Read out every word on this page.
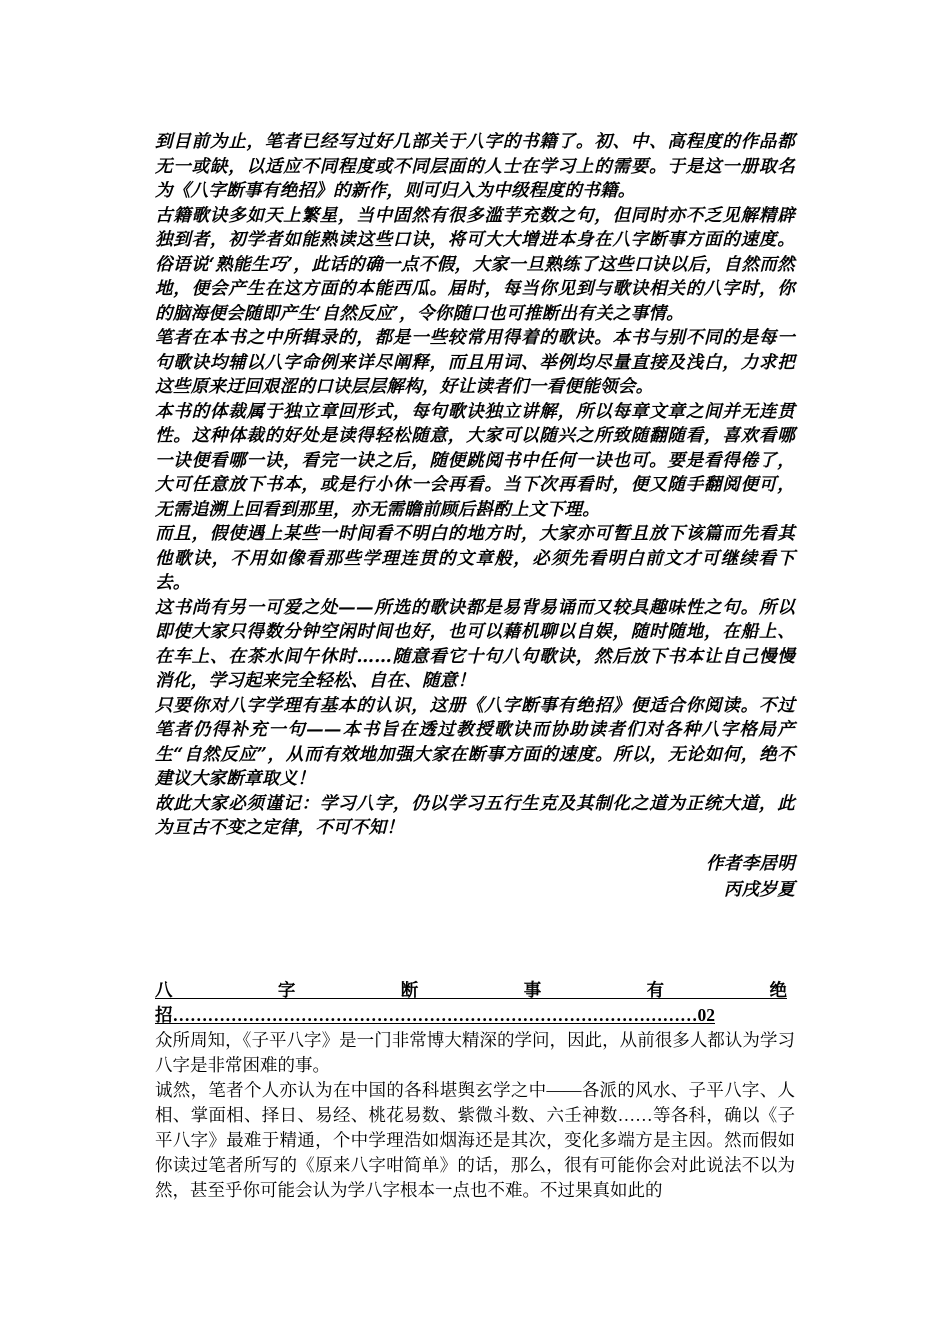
到目前为止，笔者已经写过好几部关于八字的书籍了。初、中、高程度的作品都无一或缺，以适应不同程度或不同层面的人士在学习上的需要。于是这一册取名为《八字断事有绝招》的新作，则可归入为中级程度的书籍。

古籍歌诀多如天上繁星，当中固然有很多滥芋充数之句，但同时亦不乏见解精辟独到者，初学者如能熟读这些口诀，将可大大增进本身在八字断事方面的速度。俗语说‘熟能生巧’，此话的确一点不假，大家一旦熟练了这些口诀以后，自然而然地，便会产生在这方面的本能西瓜。届时，每当你见到与歌诀相关的八字时，你的脑海便会随即产生‘自然反应’，令你随口也可推断出有关之事情。

笔者在本书之中所辑录的，都是一些较常用得着的歌诀。本书与别不同的是每一句歌诀均辅以八字命例来详尽阐释，而且用词、举例均尽量直接及浅白，力求把这些原来迂回艰涩的口诀层层解构，好让读者们一看便能领会。

本书的体裁属于独立章回形式，每句歌诀独立讲解，所以每章文章之间并无连贯性。这种体裁的好处是读得轻松随意，大家可以随兴之所致随翻随看，喜欢看哪一诀便看哪一诀，看完一诀之后，随便跳阅书中任何一诀也可。要是看得倦了，大可任意放下书本，或是行小休一会再看。当下次再看时，便又随手翻阅便可，无需追溯上回看到那里，亦无需瞻前顾后斟酌上文下理。

而且，假使遇上某些一时间看不明白的地方时，大家亦可暂且放下该篇而先看其他歌诀，不用如像看那些学理连贯的文章般，必须先看明白前文才可继续看下去。

这书尚有另一可爱之处——所选的歌诀都是易背易诵而又较具趣味性之句。所以即使大家只得数分钟空闲时间也好，也可以藉机聊以自娱，随时随地，在船上、在车上、在茶水间午休时……随意看它十句八句歌诀，然后放下书本让自己慢慢消化，学习起来完全轻松、自在、随意！

只要你对八字学理有基本的认识，这册《八字断事有绝招》便适合你阅读。不过笔者仍得补充一句——本书旨在透过教授歌诀而协助读者们对各种八字格局产生“自然反应”，从而有效地加强大家在断事方面的速度。所以，无论如何，绝不建议大家断章取义！

故此大家必须谨记：学习八字，仍以学习五行生克及其制化之道为正统大道，此为亘古不变之定律，不可不知！

作者李居明
丙戌岁夏
八字断事有绝招………………………………………………………………………………02

众所周知，《子平八字》是一门非常博大精深的学问，因此，从前很多人都认为学习八字是非常困难的事。

诚然，笔者个人亦认为在中国的各科堪舆玄学之中——各派的风水、子平八字、人相、掌面相、择日、易经、桃花易数、紫微斗数、六壬神数……等各科，确以《子平八字》最难于精通，个中学理浩如烟海还是其次，变化多端方是主因。然而假如你读过笔者所写的《原来八字咁简单》的话，那么，很有可能你会对此说法不以为然，甚至乎你可能会认为学八字根本一点也不难。不过果真如此的
